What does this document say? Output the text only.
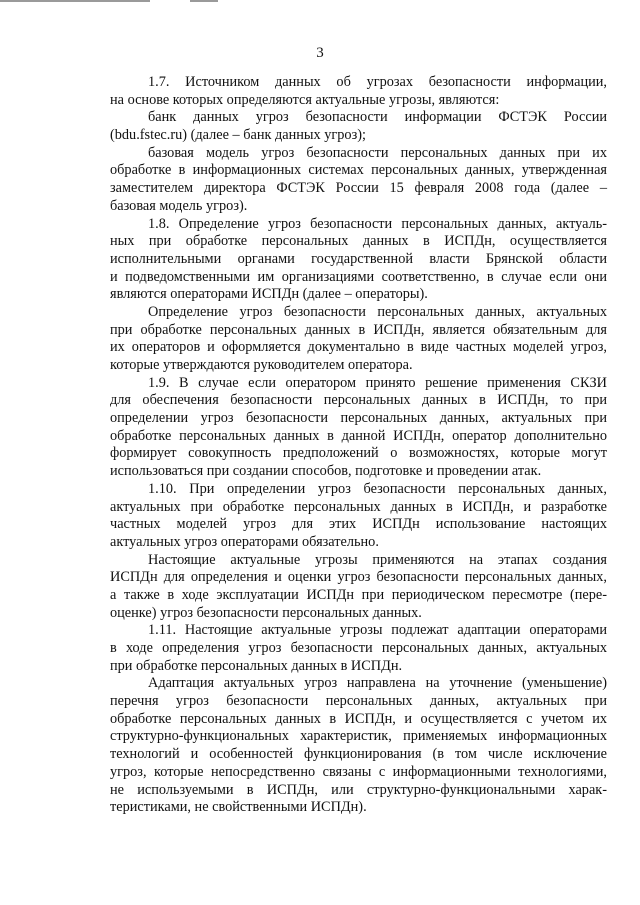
3
1.7. Источником данных об угрозах безопасности информации,
на основе которых определяются актуальные угрозы, являются:
банк данных угроз безопасности информации ФСТЭК России
(bdu.fstec.ru) (далее – банк данных угроз);
базовая модель угроз безопасности персональных данных при их
обработке в информационных системах персональных данных, утвержденная
заместителем директора ФСТЭК России 15 февраля 2008 года (далее –
базовая модель угроз).
1.8. Определение угроз безопасности персональных данных, актуаль-
ных при обработке персональных данных в ИСПДн, осуществляется
исполнительными органами государственной власти Брянской области
и подведомственными им организациями соответственно, в случае если они
являются операторами ИСПДн (далее – операторы).
Определение угроз безопасности персональных данных, актуальных
при обработке персональных данных в ИСПДн, является обязательным для
их операторов и оформляется документально в виде частных моделей угроз,
которые утверждаются руководителем оператора.
1.9. В случае если оператором принято решение применения СКЗИ
для обеспечения безопасности персональных данных в ИСПДн, то при
определении угроз безопасности персональных данных, актуальных при
обработке персональных данных в данной ИСПДн, оператор дополнительно
формирует совокупность предположений о возможностях, которые могут
использоваться при создании способов, подготовке и проведении атак.
1.10. При определении угроз безопасности персональных данных,
актуальных при обработке персональных данных в ИСПДн, и разработке
частных моделей угроз для этих ИСПДн использование настоящих
актуальных угроз операторами обязательно.
Настоящие актуальные угрозы применяются на этапах создания
ИСПДн для определения и оценки угроз безопасности персональных данных,
а также в ходе эксплуатации ИСПДн при периодическом пересмотре (пере-
оценке) угроз безопасности персональных данных.
1.11. Настоящие актуальные угрозы подлежат адаптации операторами
в ходе определения угроз безопасности персональных данных, актуальных
при обработке персональных данных в ИСПДн.
Адаптация актуальных угроз направлена на уточнение (уменьшение)
перечня угроз безопасности персональных данных, актуальных при
обработке персональных данных в ИСПДн, и осуществляется с учетом их
структурно-функциональных характеристик, применяемых информационных
технологий и особенностей функционирования (в том числе исключение
угроз, которые непосредственно связаны с информационными технологиями,
не используемыми в ИСПДн, или структурно-функциональными харак-
теристиками, не свойственными ИСПДн).
